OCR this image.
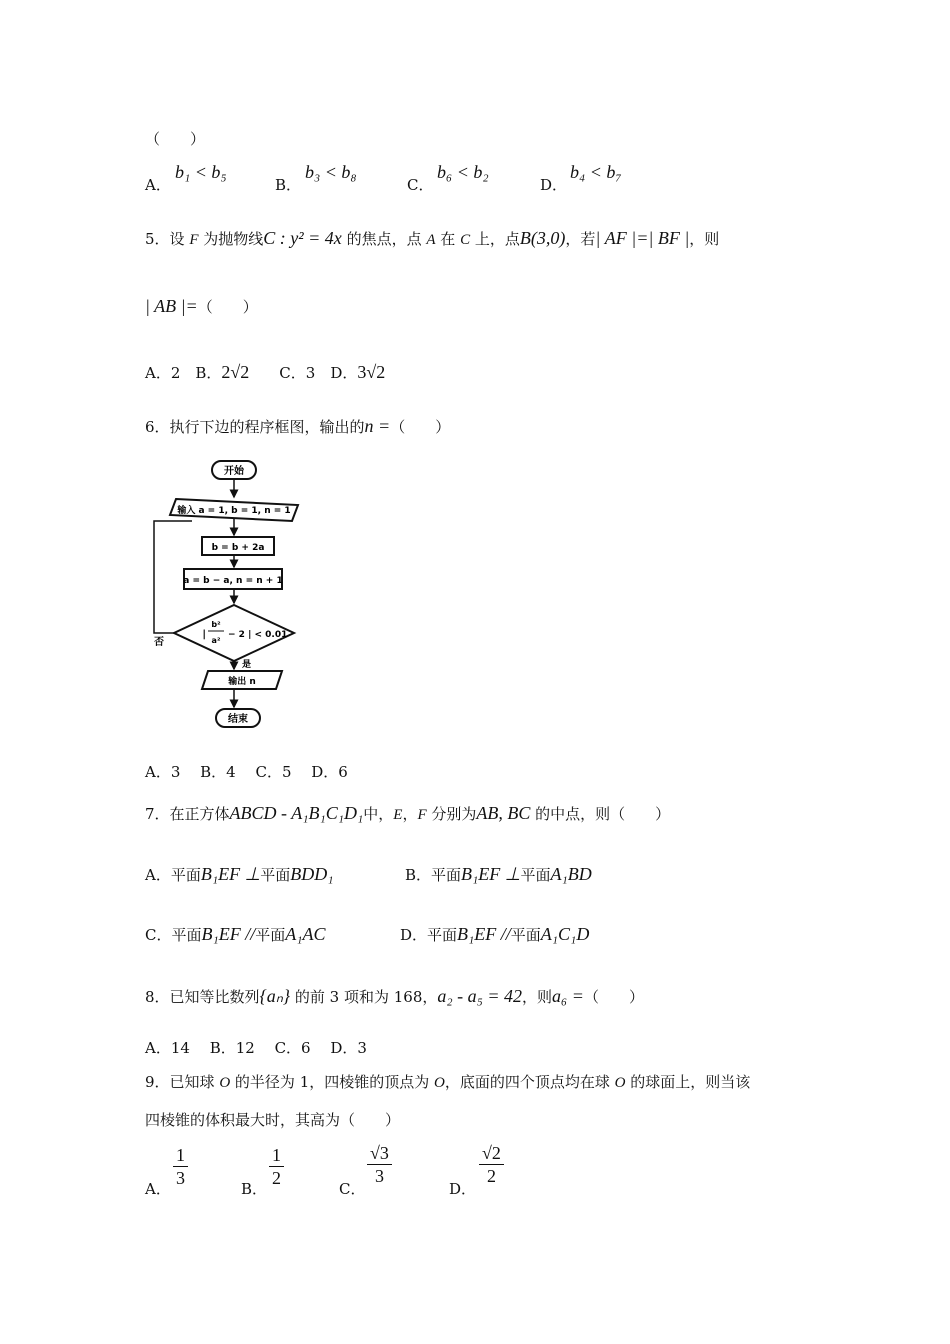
（　　）
A．
b₁ < b₅
B．
b₃ < b₈
C．
b₆ < b₂
D．
b₄ < b₇
5．设 F 为抛物线C : y² = 4x 的焦点，点 A 在 C 上，点B(3,0)，若| AF |=| BF |，则
| AB |=（　　）
A．2　B．2√2　　C．3　D．3√2
6．执行下边的程序框图，输出的n =（　　）
开始
输入 a = 1, b = 1, n = 1
b = b + 2a
a = b − a, n = n + 1
b²
a²
| − 2 | < 0.01
否
是
输出 n
结束
A．3　 B．4　 C．5　 D．6
7．在正方体ABCD - A₁B₁C₁D₁中，E，F 分别为AB, BC 的中点，则（　　）
A．平面B₁EF ⊥平面BDD₁	B．平面B₁EF ⊥平面A₁BD
C．平面B₁EF //平面A₁AC	D．平面B₁EF //平面A₁C₁D
8．已知等比数列{aₙ} 的前 3 项和为 168，a₂ - a₅ = 42，则a₆ =（　　）
A．14　 B．12　 C．6　 D．3
9．已知球 O 的半径为 1，四棱锥的顶点为 O，底面的四个顶点均在球 O 的球面上，则当该
四棱锥的体积最大时，其高为（　　）
A． $\frac{1}{3}$	B． $\frac{1}{2}$	C．
$\frac{√3}{3}$
D．
$\frac{√2}{2}$
